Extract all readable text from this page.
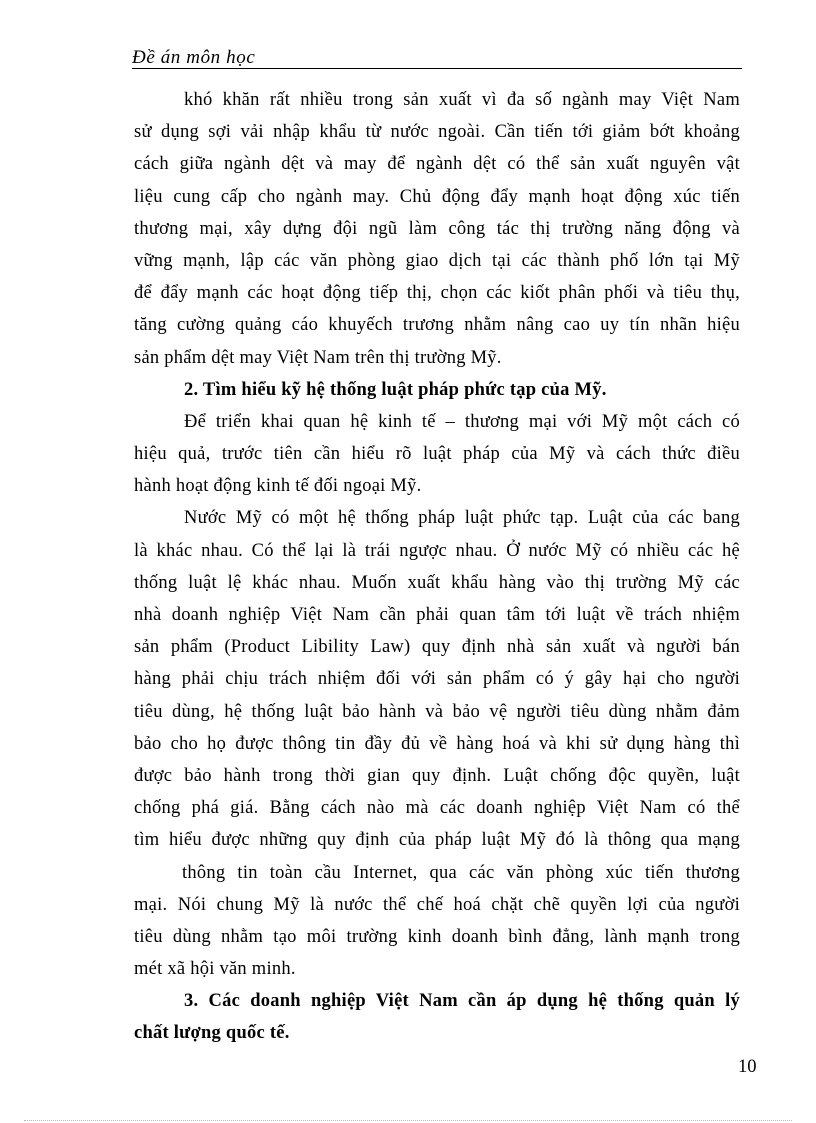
Đề án môn học
khó khăn rất nhiều trong sản xuất vì đa số ngành may Việt Nam
sử dụng sợi vải nhập khẩu từ nước ngoài. Cần tiến tới giảm bớt khoảng
cách giữa ngành dệt và may để ngành dệt có thể sản xuất nguyên vật
liệu cung cấp cho ngành may. Chủ động đẩy mạnh hoạt động xúc tiến
thương mại, xây dựng đội ngũ làm công tác thị trường năng động và
vững mạnh, lập các văn phòng giao dịch tại các thành phố lớn tại Mỹ
để đẩy mạnh các hoạt động tiếp thị, chọn các kiốt phân phối và tiêu thụ,
tăng cường quảng cáo khuyếch trương nhằm nâng cao uy tín nhãn hiệu
sản phẩm dệt may Việt Nam trên thị trường Mỹ.
2. Tìm hiểu kỹ hệ thống luật pháp phức tạp của Mỹ.
Để triển khai quan hệ kinh tế – thương mại với Mỹ một cách có
hiệu quả, trước tiên cần hiểu rõ luật pháp của Mỹ và cách thức điều
hành hoạt động kinh tế đối ngoại Mỹ.
Nước Mỹ có một hệ thống pháp luật phức tạp. Luật của các bang
là khác nhau. Có thể lại là trái ngược nhau. Ở nước Mỹ có nhiều các hệ
thống luật lệ khác nhau. Muốn xuất khẩu hàng vào thị trường Mỹ các
nhà doanh nghiệp Việt Nam cần phải quan tâm tới luật về trách nhiệm
sản phẩm (Product Libility Law) quy định nhà sản xuất và người bán
hàng phải chịu trách nhiệm đối với sản phẩm có ý gây hại cho người
tiêu dùng, hệ thống luật bảo hành và bảo vệ người tiêu dùng nhằm đảm
bảo cho họ được thông tin đầy đủ về hàng hoá và khi sử dụng hàng thì
được bảo hành trong thời gian quy định. Luật chống độc quyền, luật
chống phá giá. Bằng cách nào mà các doanh nghiệp Việt Nam có thể
tìm hiểu được những quy định của pháp luật Mỹ đó là thông qua mạng
thông tin toàn cầu Internet, qua các văn phòng xúc tiến thương
mại. Nói chung Mỹ là nước thể chế hoá chặt chẽ quyền lợi của người
tiêu dùng nhằm tạo môi trường kinh doanh bình đẳng, lành mạnh trong
mét xã hội văn minh.
3. Các doanh nghiệp Việt Nam cần áp dụng hệ thống quản lý
chất lượng quốc tế.
10
